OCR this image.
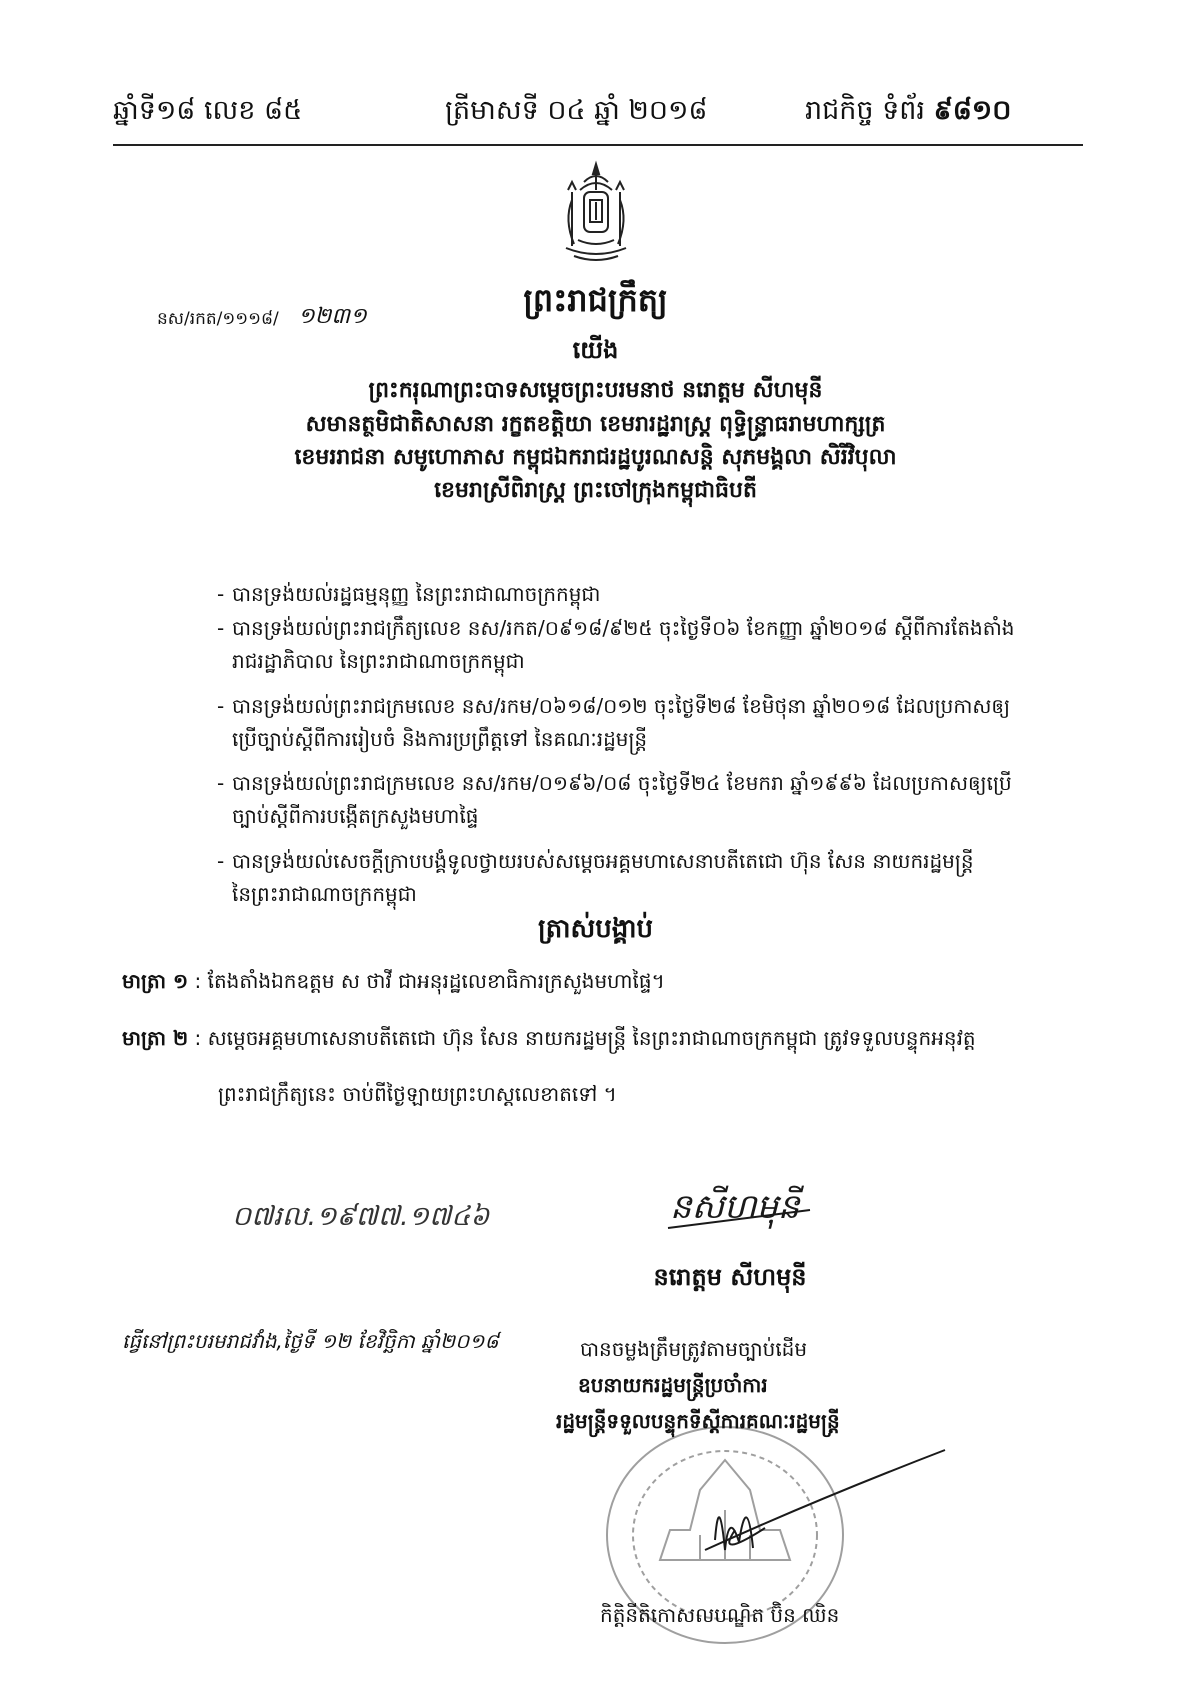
ឆ្នាំទី១៨ លេខ ៨៥	ត្រីមាសទី ០៤ ឆ្នាំ ២០១៨	រាជកិច្ច ទំព័រ ៩៨១០
ព្រះរាជក្រឹត្យ
នស/រកត/១១១៨/ ១២៣១
យើង
ព្រះករុណាព្រះបាទសម្តេចព្រះបរមនាថ នរោត្តម សីហមុនី
សមានត្ថមិជាតិសាសនា រក្ខតខត្តិយា ខេមរារដ្ឋរាស្ត្រ ពុទ្ធិន្ទ្រាធរាមហាក្សត្រ
ខេមររាជនា សមូហោភាស កម្ពុជឯករាជរដ្ឋបូរណសន្តិ សុភមង្គលា សិរីវិបុលា
ខេមរាស្រីពិរាស្ត្រ ព្រះចៅក្រុងកម្ពុជាធិបតី
- បានទ្រង់យល់រដ្ឋធម្មនុញ្ញ នៃព្រះរាជាណាចក្រកម្ពុជា
- បានទ្រង់យល់ព្រះរាជក្រឹត្យលេខ នស/រកត/០៩១៨/៩២៥ ចុះថ្ងៃទី០៦ ខែកញ្ញា ឆ្នាំ២០១៨ ស្តីពីការតែងតាំង
រាជរដ្ឋាភិបាល នៃព្រះរាជាណាចក្រកម្ពុជា
- បានទ្រង់យល់ព្រះរាជក្រមលេខ នស/រកម/០៦១៨/០១២ ចុះថ្ងៃទី២៨ ខែមិថុនា ឆ្នាំ២០១៨ ដែលប្រកាសឲ្យ
ប្រើច្បាប់ស្តីពីការរៀបចំ និងការប្រព្រឹត្តទៅ នៃគណៈរដ្ឋមន្ត្រី
- បានទ្រង់យល់ព្រះរាជក្រមលេខ នស/រកម/០១៩៦/០៨ ចុះថ្ងៃទី២៤ ខែមករា ឆ្នាំ១៩៩៦ ដែលប្រកាសឲ្យប្រើ
ច្បាប់ស្តីពីការបង្កើតក្រសួងមហាផ្ទៃ
- បានទ្រង់យល់សេចក្តីក្រាបបង្គំទូលថ្វាយរបស់សម្តេចអគ្គមហាសេនាបតីតេជោ ហ៊ុន សែន នាយករដ្ឋមន្ត្រី
នៃព្រះរាជាណាចក្រកម្ពុជា
ត្រាស់បង្គាប់
មាត្រា ១ : តែងតាំងឯកឧត្តម ស ថាវី ជាអនុរដ្ឋលេខាធិការក្រសួងមហាផ្ទៃ។
មាត្រា ២ : សម្តេចអគ្គមហាសេនាបតីតេជោ ហ៊ុន សែន នាយករដ្ឋមន្ត្រី នៃព្រះរាជាណាចក្រកម្ពុជា ត្រូវទទួលបន្ទុកអនុវត្ត
ព្រះរាជក្រឹត្យនេះ ចាប់ពីថ្ងៃឡាយព្រះហស្តលេខាតទៅ ។
០៧រល.១៩៧៧.១៧៤៦	នសីហមុនី
នរោត្តម សីហមុនី
ធ្វើនៅព្រះបរមរាជវាំង,ថ្ងៃទី ១២ ខែវិច្ឆិកា ឆ្នាំ២០១៨	បានចម្លងត្រឹមត្រូវតាមច្បាប់ដើម
ឧបនាយករដ្ឋមន្ត្រីប្រចាំការ
រដ្ឋមន្ត្រីទទួលបន្ទុកទីស្តីការគណៈរដ្ឋមន្ត្រី
កិត្តិនីតិកោសលបណ្ឌិត ប៊ិន ឈិន
